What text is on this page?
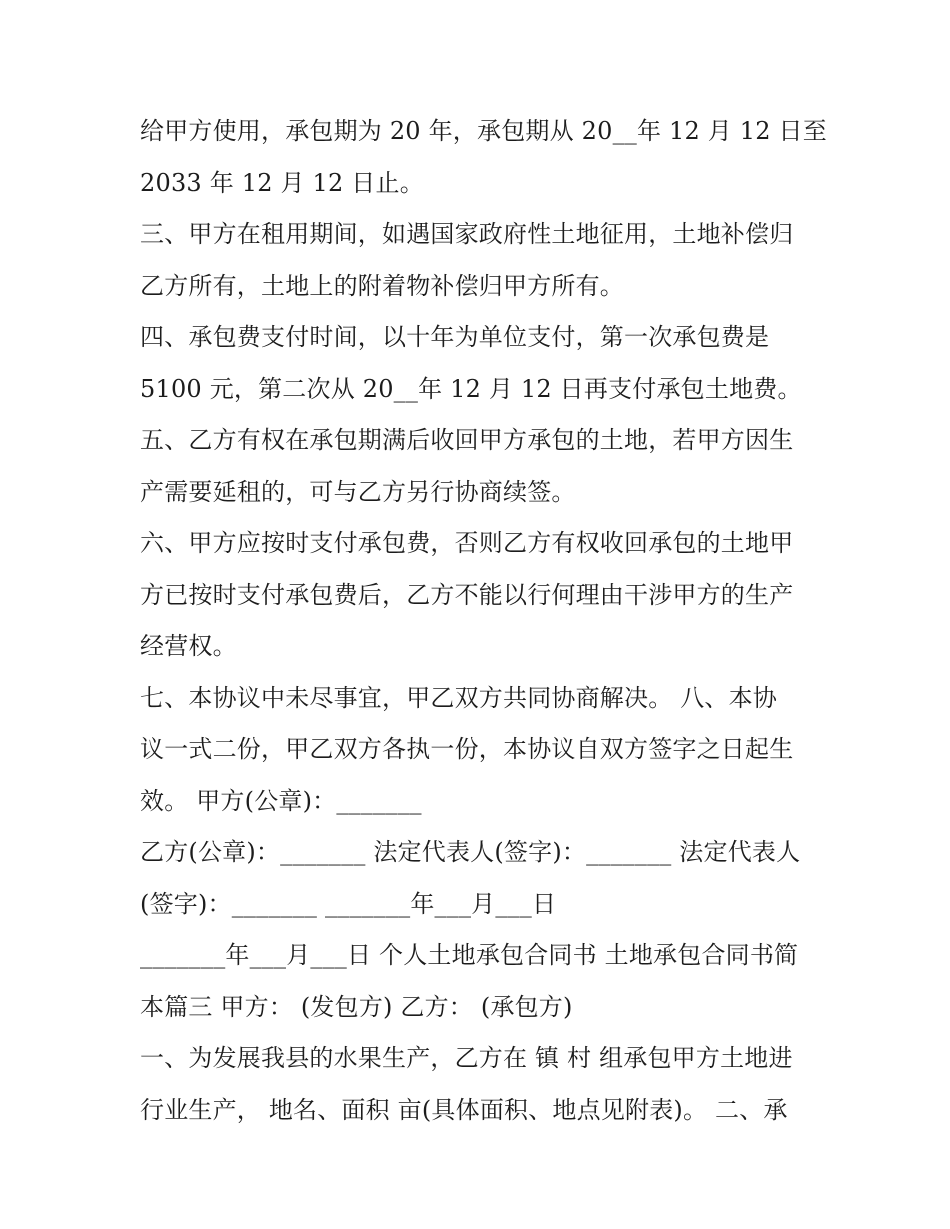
给甲方使用，承包期为 20 年，承包期从 20__年 12 月 12 日至
2033 年 12 月 12 日止。
三、甲方在租用期间，如遇国家政府性土地征用，土地补偿归
乙方所有，土地上的附着物补偿归甲方所有。
四、承包费支付时间，以十年为单位支付，第一次承包费是
5100 元，第二次从 20__年 12 月 12 日再支付承包土地费。
五、乙方有权在承包期满后收回甲方承包的土地，若甲方因生
产需要延租的，可与乙方另行协商续签。
六、甲方应按时支付承包费，否则乙方有权收回承包的土地甲
方已按时支付承包费后，乙方不能以行何理由干涉甲方的生产
经营权。
七、本协议中未尽事宜，甲乙双方共同协商解决。 八、本协
议一式二份，甲乙双方各执一份，本协议自双方签字之日起生
效。 甲方(公章)：_______
乙方(公章)：_______ 法定代表人(签字)：_______ 法定代表人
(签字)：_______ _______年___月___日
_______年___月___日 个人土地承包合同书 土地承包合同书简
本篇三 甲方： (发包方) 乙方： (承包方)
一、为发展我县的水果生产，乙方在 镇 村 组承包甲方土地进
行业生产， 地名、面积 亩(具体面积、地点见附表)。 二、承
